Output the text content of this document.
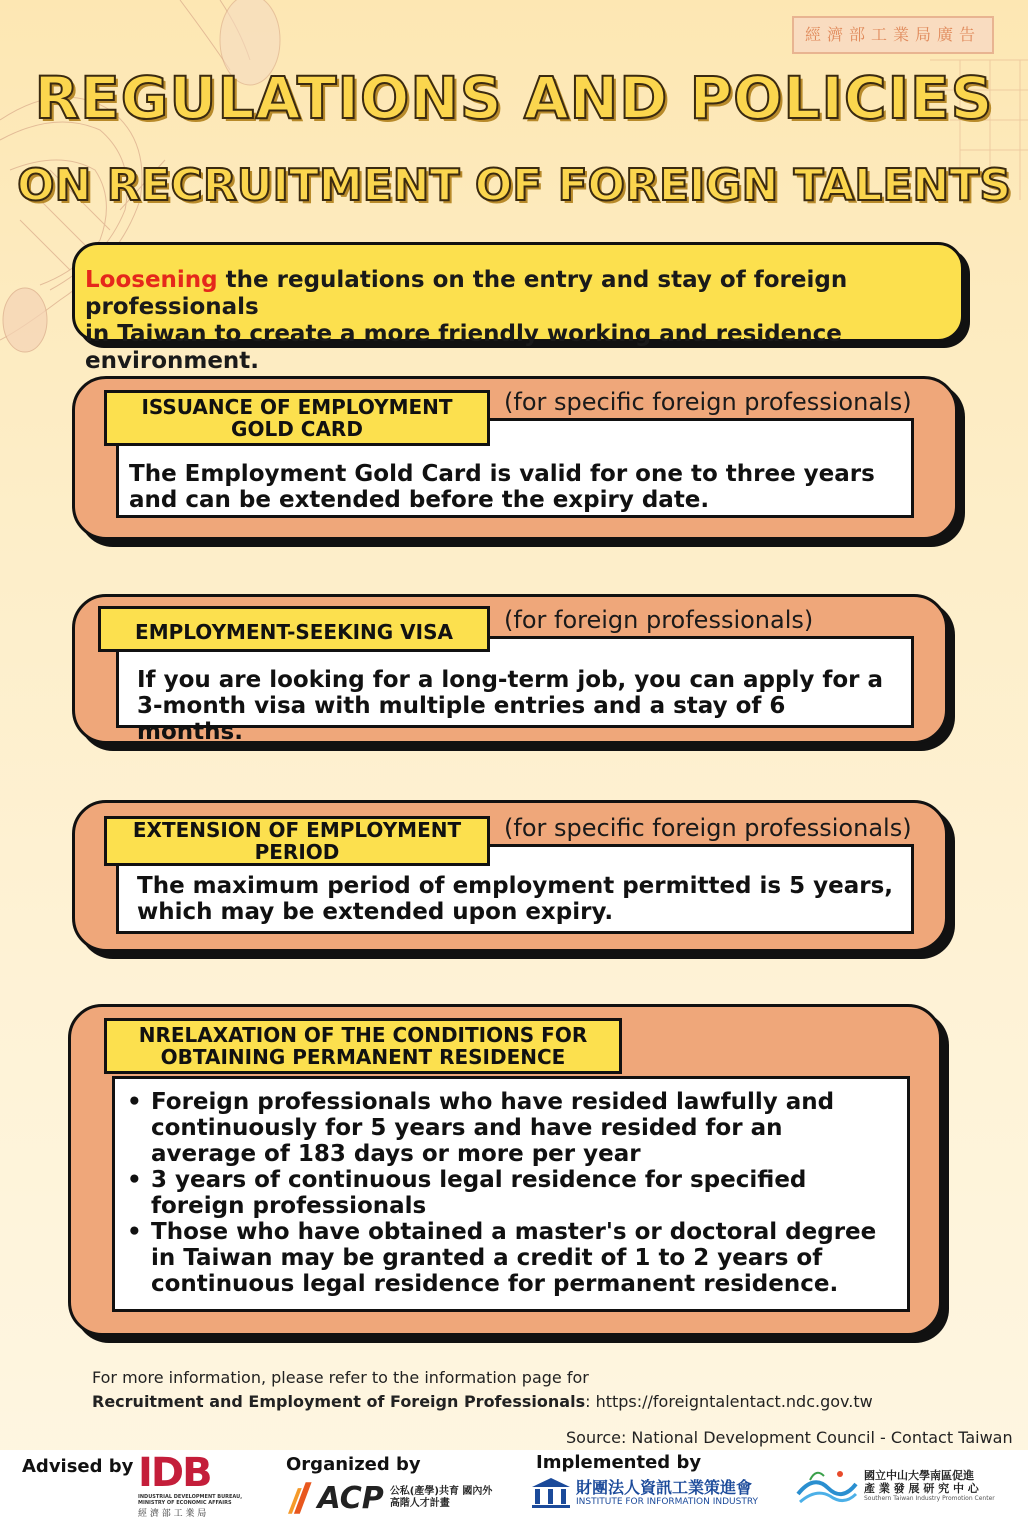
經濟部工業局廣告
REGULATIONS AND POLICIES
ON RECRUITMENT OF FOREIGN TALENTS
Loosening the regulations on the entry and stay of foreign professionals
in Taiwan to create a more friendly working and residence environment.
The Employment Gold Card is valid for one to three years and can be extended before the expiry date.
ISSUANCE OF EMPLOYMENT GOLD CARD
(for specific foreign professionals)
If you are looking for a long-term job, you can apply for a 3-month visa with multiple entries and a stay of 6 months.
EMPLOYMENT-SEEKING VISA (for foreign professionals)
The maximum period of employment permitted is 5 years, which may be extended upon expiry.
EXTENSION OF EMPLOYMENT PERIOD
(for specific foreign professionals)
• Foreign professionals who have resided lawfully and continuously for 5 years and have resided for an average of 183 days or more per year
• 3 years of continuous legal residence for specified foreign professionals
• Those who have obtained a master's or doctoral degree in Taiwan may be granted a credit of 1 to 2 years of continuous legal residence for permanent residence.
NRELAXATION OF THE CONDITIONS FOR OBTAINING PERMANENT RESIDENCE
For more information, please refer to the information page for
Recruitment and Employment of Foreign Professionals: https://foreigntalentact.ndc.gov.tw
Source: National Development Council - Contact Taiwan
Advised by IDB
INDUSTRIAL DEVELOPMENT BUREAU, MINISTRY OF ECONOMIC AFFAIRS
經 濟 部 工 業 局
Organized by
ACP 公私(產學)共育 國內外高階人才計畫
Implemented by
財團法人資訊工業策進會
INSTITUTE FOR INFORMATION INDUSTRY
國立中山大學南區促進
產 業 發 展 研 究 中 心
Southern Taiwan Industry Promotion Center
